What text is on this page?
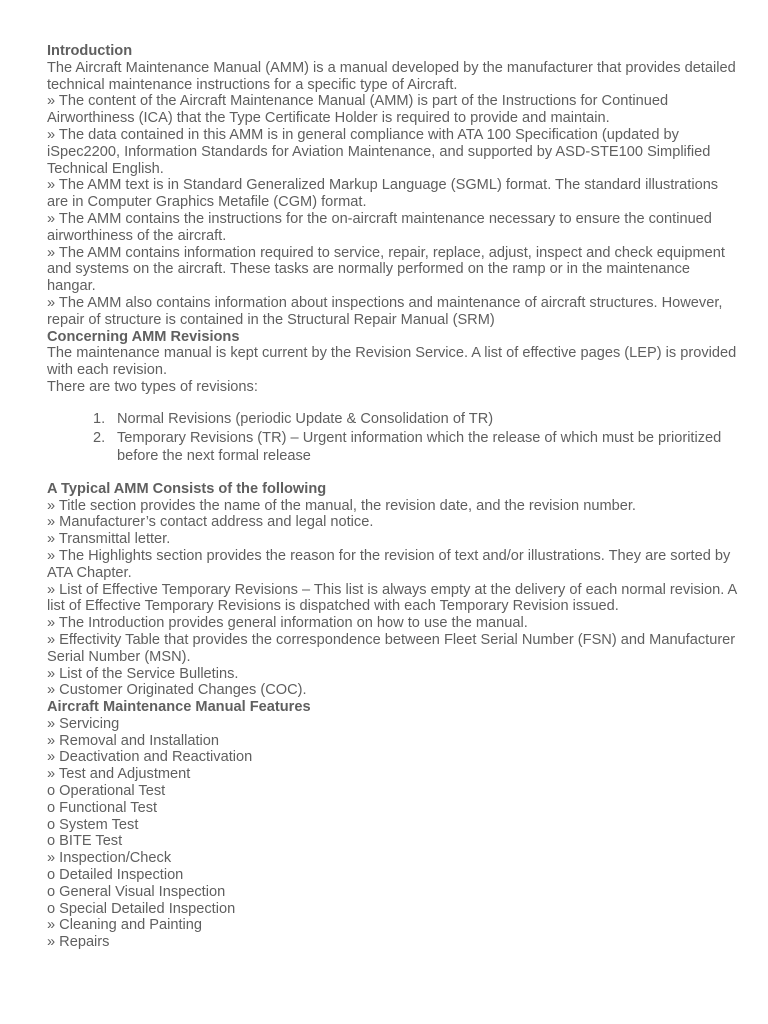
Introduction

The Aircraft Maintenance Manual (AMM) is a manual developed by the manufacturer that provides detailed technical maintenance instructions for a specific type of Aircraft.

» The content of the Aircraft Maintenance Manual (AMM) is part of the Instructions for Continued Airworthiness (ICA) that the Type Certificate Holder is required to provide and maintain.

» The data contained in this AMM is in general compliance with ATA 100 Specification (updated by iSpec2200, Information Standards for Aviation Maintenance, and supported by ASD-STE100 Simplified Technical English.

» The AMM text is in Standard Generalized Markup Language (SGML) format. The standard illustrations are in Computer Graphics Metafile (CGM) format.

» The AMM contains the instructions for the on-aircraft maintenance necessary to ensure the continued airworthiness of the aircraft.

» The AMM contains information required to service, repair, replace, adjust, inspect and check equipment and systems on the aircraft. These tasks are normally performed on the ramp or in the maintenance hangar.

» The AMM also contains information about inspections and maintenance of aircraft structures. However, repair of structure is contained in the Structural Repair Manual (SRM)

Concerning AMM Revisions

The maintenance manual is kept current by the Revision Service. A list of effective pages (LEP) is provided with each revision.

There are two types of revisions:

1. Normal Revisions (periodic Update & Consolidation of TR)
2. Temporary Revisions (TR) – Urgent information which the release of which must be prioritized before the next formal release

A Typical AMM Consists of the following

» Title section provides the name of the manual, the revision date, and the revision number.

» Manufacturer’s contact address and legal notice.

» Transmittal letter.

» The Highlights section provides the reason for the revision of text and/or illustrations. They are sorted by ATA Chapter.

» List of Effective Temporary Revisions – This list is always empty at the delivery of each normal revision. A list of Effective Temporary Revisions is dispatched with each Temporary Revision issued.

» The Introduction provides general information on how to use the manual.

» Effectivity Table that provides the correspondence between Fleet Serial Number (FSN) and Manufacturer Serial Number (MSN).

» List of the Service Bulletins.

» Customer Originated Changes (COC).

Aircraft Maintenance Manual Features

» Servicing

» Removal and Installation

» Deactivation and Reactivation

» Test and Adjustment

o Operational Test

o Functional Test

o System Test

o BITE Test

» Inspection/Check

o Detailed Inspection

o General Visual Inspection

o Special Detailed Inspection

» Cleaning and Painting

» Repairs
